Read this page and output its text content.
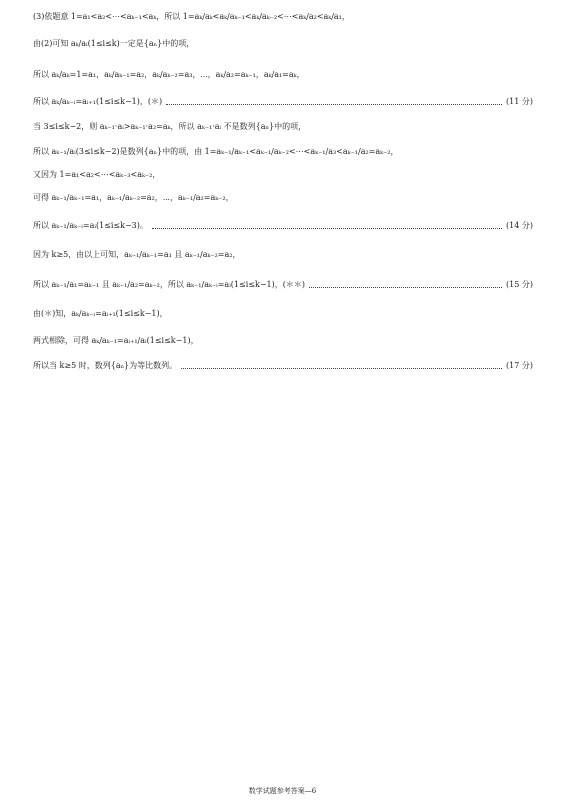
(3)依题意 1=a₁<a₂<⋯<aₖ₋₁<aₖ，所以 1=aₖ/aₖ<aₖ/aₖ₋₁<aₖ/aₖ₋₂<⋯<aₖ/a₂<aₖ/a₁，
由(2)可知 aₖ/aᵢ(1≤i≤k)一定是{aₙ}中的项，
所以 aₖ/aₖ=1=a₁，aₖ/aₖ₋₁=a₂，aₖ/aₖ₋₂=a₃，⋯，aₖ/a₂=aₖ₋₁，aₖ/a₁=aₖ，
所以 aₖ/aₖ₋ᵢ=aᵢ₊₁(1≤i≤k−1)，(＊)	(11 分)
当 3≤i≤k−2，则 aₖ₋₁·aᵢ>aₖ₋₁·a₂=aₖ，所以 aₖ₋₁·aᵢ 不是数列{aₙ}中的项，
所以 aₖ₋₁/aᵢ(3≤i≤k−2)是数列{aₙ}中的项，由 1=aₖ₋₁/aₖ₋₁<aₖ₋₁/aₖ₋₂<⋯<aₖ₋₁/a₃<aₖ₋₁/a₂=aₖ₋₂，
又因为 1=a₁<a₂<⋯<aₖ₋₃<aₖ₋₂，
可得 aₖ₋₁/aₖ₋₁=a₁，aₖ₋₁/aₖ₋₂=a₂，⋯，aₖ₋₁/a₂=aₖ₋₂，
所以 aₖ₋₁/aₖ₋ᵢ=aᵢ(1≤i≤k−3)。	(14 分)
因为 k≥5，由以上可知，aₖ₋₁/aₖ₋₁=a₁ 且 aₖ₋₁/aₖ₋₂=a₂，
所以 aₖ₋₁/a₁=aₖ₋₁ 且 aₖ₋₁/a₂=aₖ₋₂，所以 aₖ₋₁/aₖ₋ᵢ=aᵢ(1≤i≤k−1)，(＊＊)	(15 分)
由(＊)知，aₖ/aₖ₋ᵢ=aᵢ₊₁(1≤i≤k−1)，
两式相除，可得 aₖ/aₖ₋₁=aᵢ₊₁/aᵢ(1≤i≤k−1)，
所以当 k≥5 时，数列{aₙ}为等比数列。	(17 分)
数学试题参考答案—6
